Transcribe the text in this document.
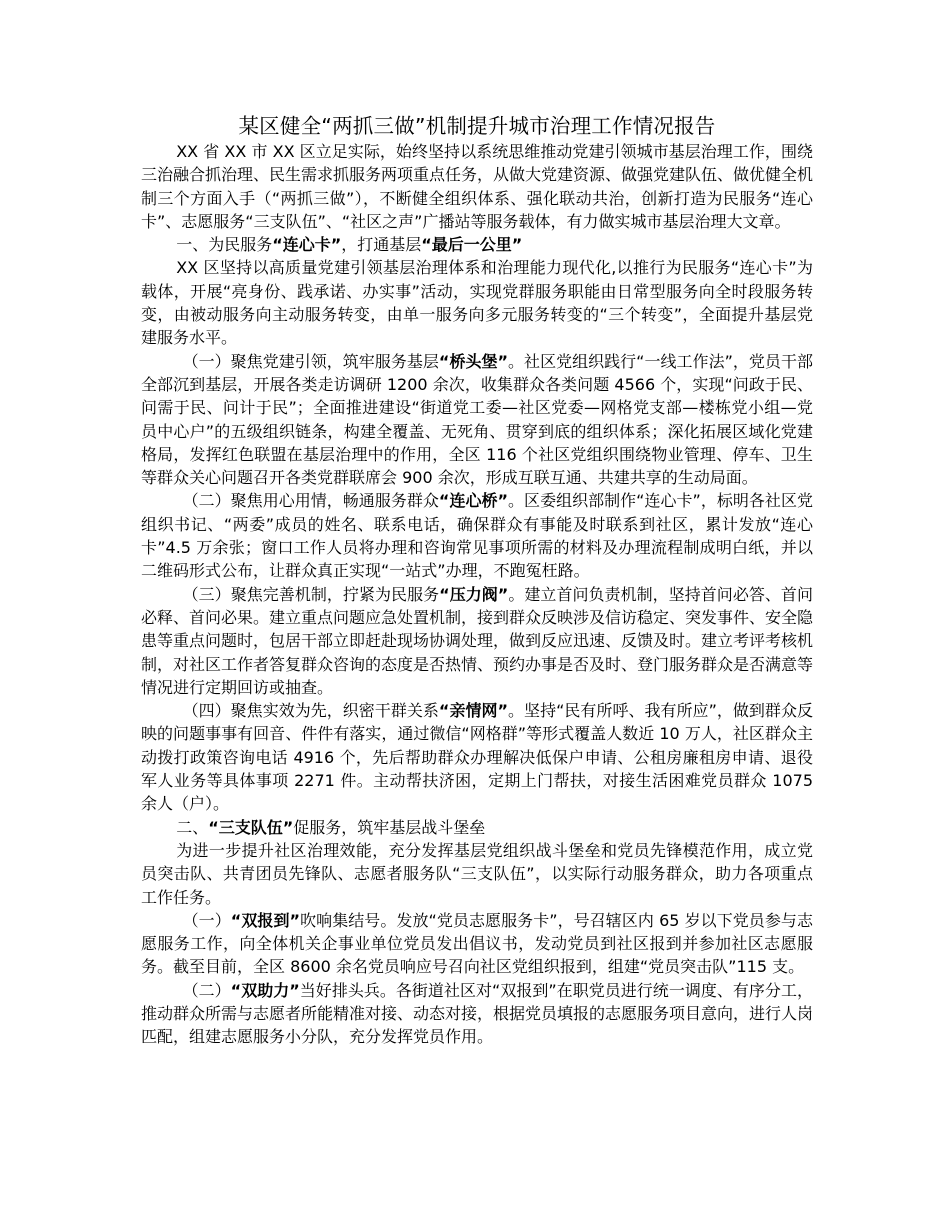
某区健全“两抓三做”机制提升城市治理工作情况报告

XX 省 XX 市 XX 区立足实际，始终坚持以系统思维推动党建引领城市基层治理工作，围绕三治融合抓治理、民生需求抓服务两项重点任务，从做大党建资源、做强党建队伍、做优健全机制三个方面入手（“两抓三做”），不断健全组织体系、强化联动共治，创新打造为民服务“连心卡”、志愿服务“三支队伍”、“社区之声”广播站等服务载体，有力做实城市基层治理大文章。

一、为民服务“连心卡”，打通基层“最后一公里”

XX 区坚持以高质量党建引领基层治理体系和治理能力现代化,以推行为民服务“连心卡”为载体，开展“亮身份、践承诺、办实事”活动，实现党群服务职能由日常型服务向全时段服务转变，由被动服务向主动服务转变，由单一服务向多元服务转变的“三个转变”，全面提升基层党建服务水平。

（一）聚焦党建引领，筑牢服务基层“桥头堡”。社区党组织践行“一线工作法”，党员干部全部沉到基层，开展各类走访调研 1200 余次，收集群众各类问题 4566 个，实现“问政于民、问需于民、问计于民”；全面推进建设“街道党工委—社区党委—网格党支部—楼栋党小组—党员中心户”的五级组织链条，构建全覆盖、无死角、贯穿到底的组织体系；深化拓展区域化党建格局，发挥红色联盟在基层治理中的作用，全区 116 个社区党组织围绕物业管理、停车、卫生等群众关心问题召开各类党群联席会 900 余次，形成互联互通、共建共享的生动局面。

（二）聚焦用心用情，畅通服务群众“连心桥”。区委组织部制作“连心卡”，标明各社区党组织书记、“两委”成员的姓名、联系电话，确保群众有事能及时联系到社区，累计发放“连心卡”4.5 万余张；窗口工作人员将办理和咨询常见事项所需的材料及办理流程制成明白纸，并以二维码形式公布，让群众真正实现“一站式”办理，不跑冤枉路。

（三）聚焦完善机制，拧紧为民服务“压力阀”。建立首问负责机制，坚持首问必答、首问必释、首问必果。建立重点问题应急处置机制，接到群众反映涉及信访稳定、突发事件、安全隐患等重点问题时，包居干部立即赶赴现场协调处理，做到反应迅速、反馈及时。建立考评考核机制，对社区工作者答复群众咨询的态度是否热情、预约办事是否及时、登门服务群众是否满意等情况进行定期回访或抽查。

（四）聚焦实效为先，织密干群关系“亲情网”。坚持“民有所呼、我有所应”，做到群众反映的问题事事有回音、件件有落实，通过微信“网格群”等形式覆盖人数近 10 万人，社区群众主动拨打政策咨询电话 4916 个，先后帮助群众办理解决低保户申请、公租房廉租房申请、退役军人业务等具体事项 2271 件。主动帮扶济困，定期上门帮扶，对接生活困难党员群众 1075 余人（户）。

二、“三支队伍”促服务，筑牢基层战斗堡垒

为进一步提升社区治理效能，充分发挥基层党组织战斗堡垒和党员先锋模范作用，成立党员突击队、共青团员先锋队、志愿者服务队“三支队伍”，以实际行动服务群众，助力各项重点工作任务。

（一）“双报到”吹响集结号。发放“党员志愿服务卡”，号召辖区内 65 岁以下党员参与志愿服务工作，向全体机关企事业单位党员发出倡议书，发动党员到社区报到并参加社区志愿服务。截至目前，全区 8600 余名党员响应号召向社区党组织报到，组建“党员突击队”115 支。

（二）“双助力”当好排头兵。各街道社区对“双报到”在职党员进行统一调度、有序分工，推动群众所需与志愿者所能精准对接、动态对接，根据党员填报的志愿服务项目意向，进行人岗匹配，组建志愿服务小分队，充分发挥党员作用。
